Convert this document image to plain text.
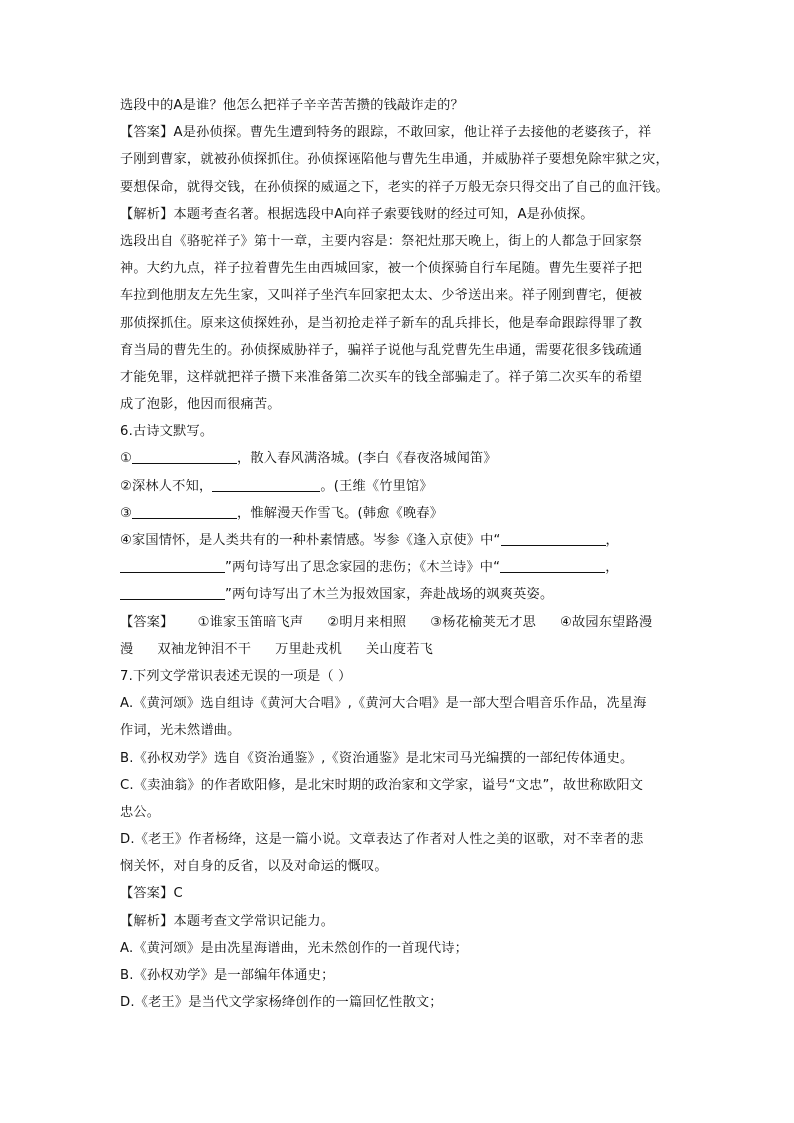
选段中的A是谁？他怎么把祥子辛辛苦苦攒的钱敲诈走的？
【答案】A是孙侦探。曹先生遭到特务的跟踪，不敢回家，他让祥子去接他的老婆孩子，祥
子刚到曹家，就被孙侦探抓住。孙侦探诬陷他与曹先生串通，并威胁祥子要想免除牢狱之灾，
要想保命，就得交钱，在孙侦探的威逼之下，老实的祥子万般无奈只得交出了自己的血汗钱。
【解析】本题考查名著。根据选段中A向祥子索要钱财的经过可知，A是孙侦探。
选段出自《骆驼祥子》第十一章，主要内容是：祭祀灶那天晚上，街上的人都急于回家祭
神。大约九点，祥子拉着曹先生由西城回家，被一个侦探骑自行车尾随。曹先生要祥子把
车拉到他朋友左先生家，又叫祥子坐汽车回家把太太、少爷送出来。祥子刚到曹宅，便被
那侦探抓住。原来这侦探姓孙，是当初抢走祥子新车的乱兵排长，他是奉命跟踪得罪了教
育当局的曹先生的。孙侦探威胁祥子，骗祥子说他与乱党曹先生串通，需要花很多钱疏通
才能免罪，这样就把祥子攒下来准备第二次买车的钱全部骗走了。祥子第二次买车的希望
成了泡影，他因而很痛苦。
6.古诗文默写。
①	，散入春风满洛城。(李白《春夜洛城闻笛》
②深林人不知，	。(王维《竹里馆》
③	，惟解漫天作雪飞。(韩愈《晚春》
④家国情怀，是人类共有的一种朴素情感。岑参《逢入京使》中“	，
”两句诗写出了思念家园的悲伤；《木兰诗》中“	，
”两句诗写出了木兰为报效国家，奔赴战场的飒爽英姿。
【答案】 ①谁家玉笛暗飞声 ②明月来相照 ③杨花榆荚无才思 ④故园东望路漫
漫 双袖龙钟泪不干 万里赴戎机 关山度若飞
7.下列文学常识表述无误的一项是（ ）
A.《黄河颂》选自组诗《黄河大合唱》,《黄河大合唱》是一部大型合唱音乐作品，冼星海
作词，光未然谱曲。
B.《孙权劝学》选自《资治通鉴》,《资治通鉴》是北宋司马光编撰的一部纪传体通史。
C.《卖油翁》的作者欧阳修，是北宋时期的政治家和文学家，谥号“文忠”，故世称欧阳文
忠公。
D.《老王》作者杨绛，这是一篇小说。文章表达了作者对人性之美的讴歌，对不幸者的悲
悯关怀，对自身的反省，以及对命运的慨叹。
【答案】C
【解析】本题考查文学常识记能力。
A.《黄河颂》是由冼星海谱曲，光未然创作的一首现代诗；
B.《孙权劝学》是一部编年体通史；
D.《老王》是当代文学家杨绛创作的一篇回忆性散文；
